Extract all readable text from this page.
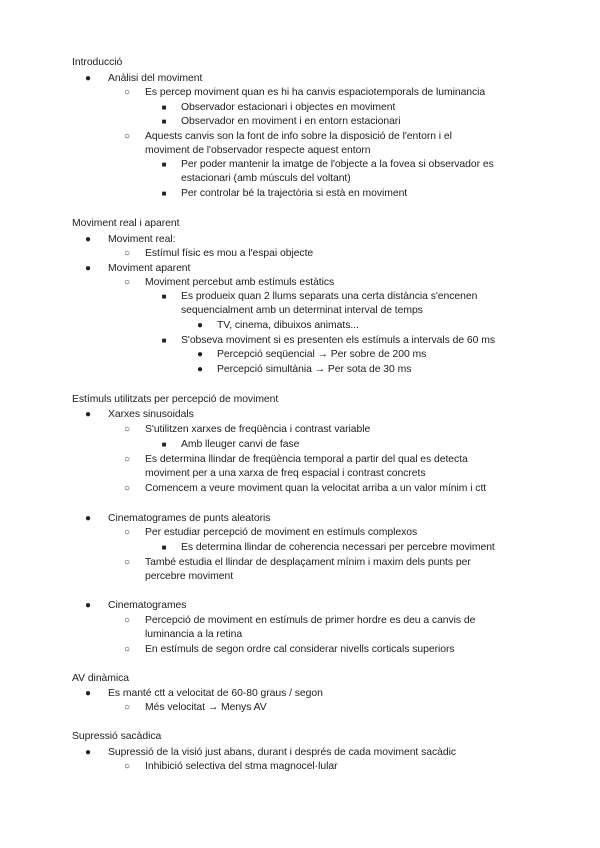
Introducció
● Anàlisi del moviment
○ Es percep moviment quan es hi ha canvis espaciotemporals de luminancia
■ Observador estacionari i objectes en moviment
■ Observador en moviment i en entorn estacionari
○ Aquests canvis son la font de info sobre la disposició de l'entorn i el
moviment de l'observador respecte aquest entorn
■ Per poder mantenir la imatge de l'objecte a la fovea si observador es
estacionari (amb músculs del voltant)
■ Per controlar bé la trajectòria si està en moviment
Moviment real i aparent
● Moviment real:
○ Estímul físic es mou a l'espai objecte
● Moviment aparent
○ Moviment percebut amb estímuls estàtics
■ Es produeix quan 2 llums separats una certa distància s'encenen
sequencialment amb un determinat interval de temps
● TV, cinema, dibuixos animats...
■ S'obseva moviment si es presenten els estímuls a intervals de 60 ms
● Percepció seqüencial → Per sobre de 200 ms
● Percepció simultània → Per sota de 30 ms
Estímuls utilitzats per percepció de moviment
● Xarxes sinusoidals
○ S'utilitzen xarxes de freqüència i contrast variable
■ Amb lleuger canvi de fase
○ Es determina llindar de freqüència temporal a partir del qual es detecta
moviment per a una xarxa de freq espacial i contrast concrets
○ Comencem a veure moviment quan la velocitat arriba a un valor mínim i ctt
● Cinematogrames de punts aleatoris
○ Per estudiar percepció de moviment en estímuls complexos
■ Es determina llindar de coherencia necessari per percebre moviment
○ També estudia el llindar de desplaçament mínim i maxim dels punts per
percebre moviment
● Cinematogrames
○ Percepció de moviment en estímuls de primer hordre es deu a canvis de
luminancia a la retina
○ En estímuls de segon ordre cal considerar nivells corticals superiors
AV dinàmica
● Es manté ctt a velocitat de 60-80 graus / segon
○ Més velocitat → Menys AV
Supressió sacàdica
● Supressió de la visió just abans, durant i després de cada moviment sacàdic
○ Inhibició selectiva del stma magnocel·lular
